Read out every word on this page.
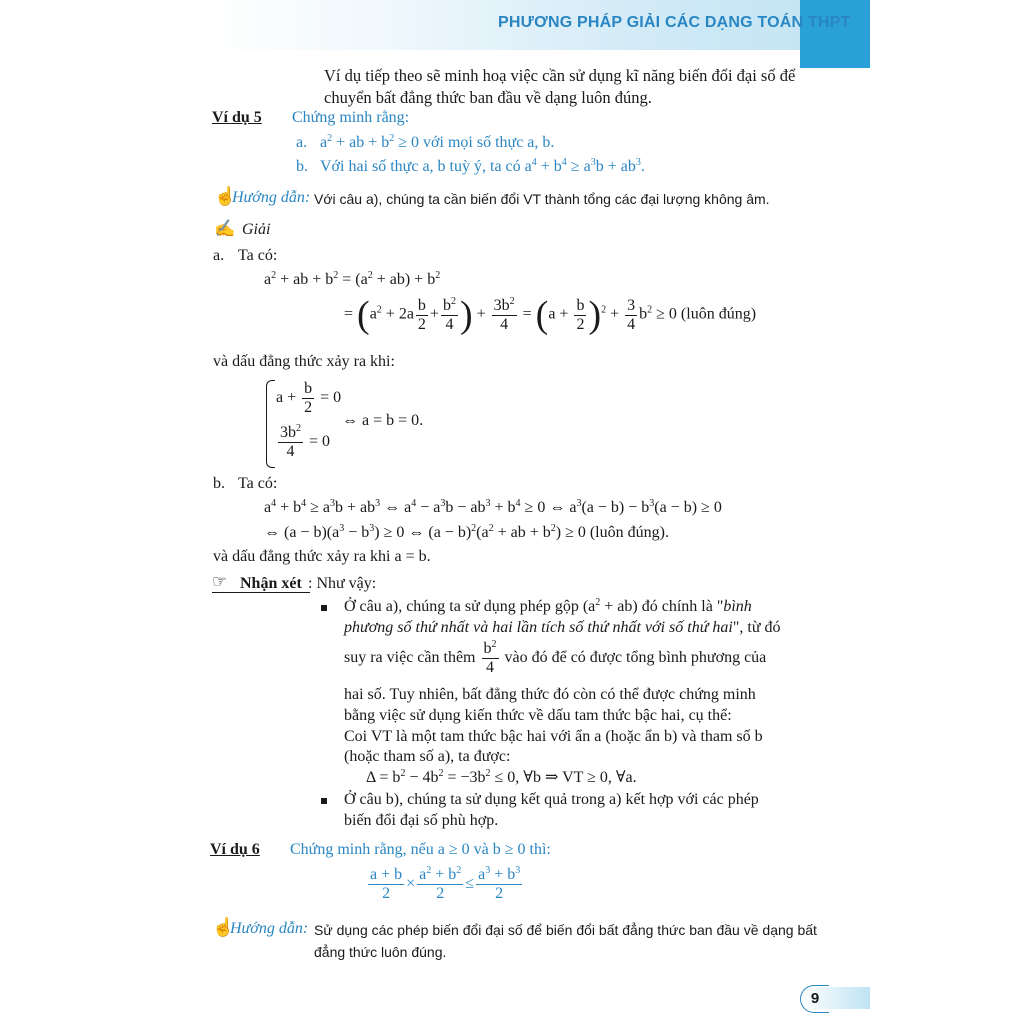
PHƯƠNG PHÁP GIẢI CÁC DẠNG TOÁN THPT
Ví dụ tiếp theo sẽ minh hoạ việc cần sử dụng kĩ năng biến đổi đại số để
chuyển bất đẳng thức ban đầu về dạng luôn đúng.
Ví dụ 5 Chứng minh rằng:
a. $a^2$ + ab + $b^2 \ge 0$ với mọi số thực a, b.
b. Với hai số thực a, b tuỳ ý, ta có $a^4 + b^4 \ge a^3b + ab^3$.
☝
Hướng dẫn: Với câu a), chúng ta cần biến đổi VT thành tổng các đại lượng không âm.
✍ Giải
a. Ta có:
$a^2$ + ab + $b^2 = (a^2 + ab) + b^2$
= ($a^2 + 2a \frac{b}{2} + \frac{b^2}{4}$ ) + $\frac{3b^2}{4} = (a + \frac{b}{2} )^2 + \frac{3}{4} b^2 \ge 0$ (luôn đúng)
và dấu đẳng thức xảy ra khi:
$a + \frac{b}{2} = 0$
$\frac{3b^2}{4} = 0$
⇔ a = b = 0.
b. Ta có:
$a^4 + b^4 \ge a^3b + ab^3$ ⇔ $a^4 - a^3b - ab^3 + b^4 \ge 0$ ⇔ $a^3(a - b) - b^3(a - b) \ge 0$
⇔ $(a - b)(a^3 - b^3) \ge 0$ ⇔ $(a - b)^2(a^2$ + ab + $b^2) \ge 0$ (luôn đúng).
và dấu đẳng thức xảy ra khi a = b.
☞ Nhận xét : Như vậy:
Ở câu a), chúng ta sử dụng phép gộp $(a^2 + ab)$ đó chính là "bình
phương số thứ nhất và hai lần tích số thứ nhất với số thứ hai", từ đó
suy ra việc cần thêm $\frac{b^2}{4}$ vào đó để có được tổng bình phương của
hai số. Tuy nhiên, bất đẳng thức đó còn có thể được chứng minh
bằng việc sử dụng kiến thức về dấu tam thức bậc hai, cụ thể:
Coi VT là một tam thức bậc hai với ẩn a (hoặc ẩn b) và tham số b
(hoặc tham số a), ta được:
$\Delta = b^2 - 4b^2 = -3b^2 \le 0$, ∀b ⇒ VT ≥ 0, ∀a.
Ở câu b), chúng ta sử dụng kết quả trong a) kết hợp với các phép
biến đổi đại số phù hợp.
Ví dụ 6 Chứng minh rằng, nếu a ≥ 0 và b ≥ 0 thì:
$\frac{a + b}{2} \times \frac{a^2 + b^2}{2} \le \frac{a^3 + b^3}{2}$
☝
Hướng dẫn: Sử dụng các phép biến đổi đại số để biến đổi bất đẳng thức ban đầu về dạng bất
đẳng thức luôn đúng.
9
